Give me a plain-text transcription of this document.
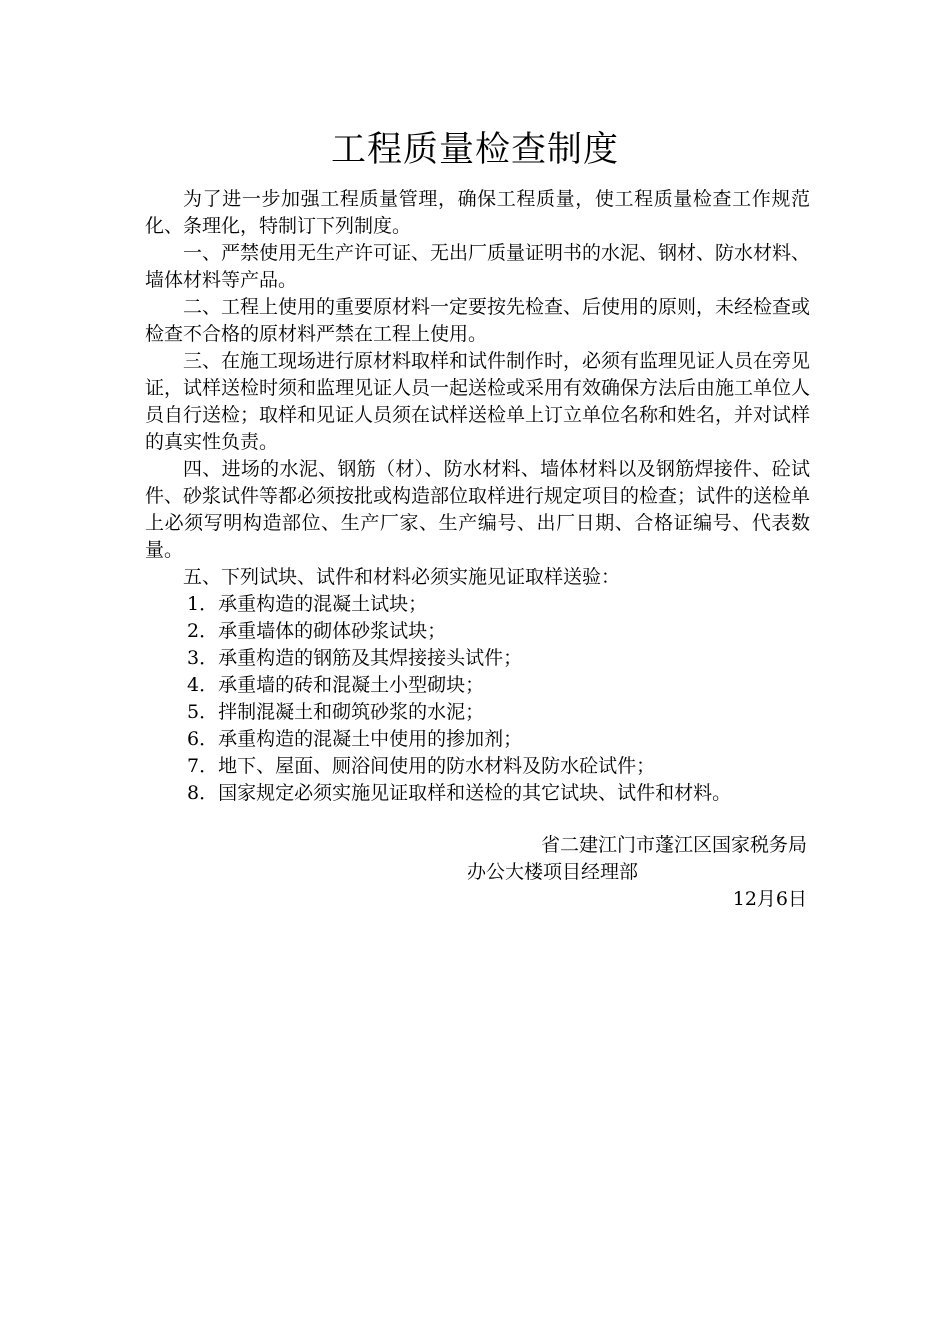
工程质量检查制度

为了进一步加强工程质量管理，确保工程质量，使工程质量检查工作规范化、条理化，特制订下列制度。

一、严禁使用无生产许可证、无出厂质量证明书的水泥、钢材、防水材料、墙体材料等产品。

二、工程上使用的重要原材料一定要按先检查、后使用的原则，未经检查或检查不合格的原材料严禁在工程上使用。

三、在施工现场进行原材料取样和试件制作时，必须有监理见证人员在旁见证，试样送检时须和监理见证人员一起送检或采用有效确保方法后由施工单位人员自行送检；取样和见证人员须在试样送检单上订立单位名称和姓名，并对试样的真实性负责。

四、进场的水泥、钢筋（材）、防水材料、墙体材料以及钢筋焊接件、砼试件、砂浆试件等都必须按批或构造部位取样进行规定项目的检查；试件的送检单上必须写明构造部位、生产厂家、生产编号、出厂日期、合格证编号、代表数量。

五、下列试块、试件和材料必须实施见证取样送验：

1．承重构造的混凝土试块；

2．承重墙体的砌体砂浆试块；

3．承重构造的钢筋及其焊接接头试件；

4．承重墙的砖和混凝土小型砌块；

5．拌制混凝土和砌筑砂浆的水泥；

6．承重构造的混凝土中使用的掺加剂；

7．地下、屋面、厕浴间使用的防水材料及防水砼试件；

8．国家规定必须实施见证取样和送检的其它试块、试件和材料。

省二建江门市蓬江区国家税务局

办公大楼项目经理部

12月6日
